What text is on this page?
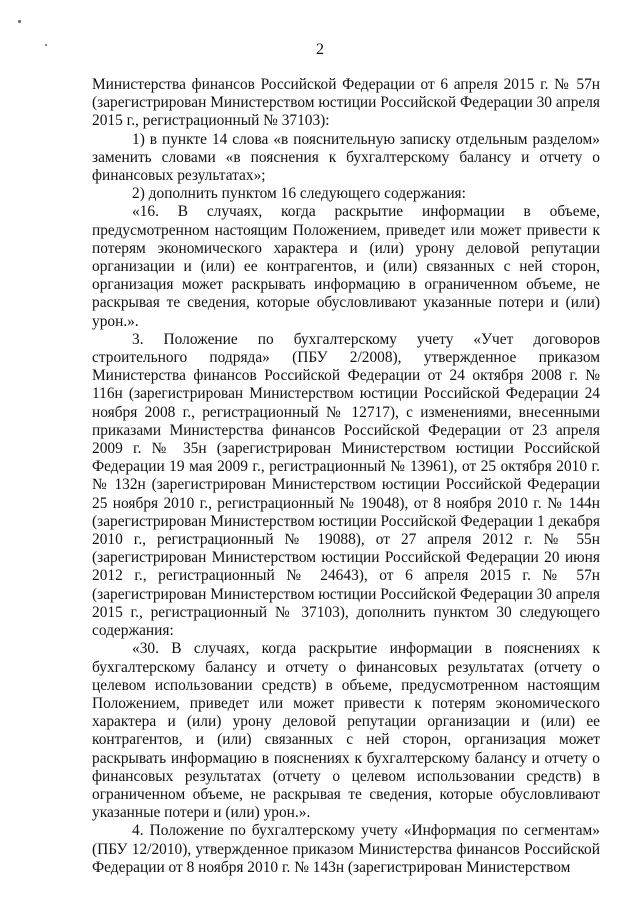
2

Министерства финансов Российской Федерации от 6 апреля 2015 г. № 57н (зарегистрирован Министерством юстиции Российской Федерации 30 апреля 2015 г., регистрационный № 37103):

1) в пункте 14 слова «в пояснительную записку отдельным разделом» заменить словами «в пояснения к бухгалтерскому балансу и отчету о финансовых результатах»;

2) дополнить пунктом 16 следующего содержания:

«16. В случаях, когда раскрытие информации в объеме, предусмотренном настоящим Положением, приведет или может привести к потерям экономического характера и (или) урону деловой репутации организации и (или) ее контрагентов, и (или) связанных с ней сторон, организация может раскрывать информацию в ограниченном объеме, не раскрывая те сведения, которые обусловливают указанные потери и (или) урон.».

3. Положение по бухгалтерскому учету «Учет договоров строительного подряда» (ПБУ 2/2008), утвержденное приказом Министерства финансов Российской Федерации от 24 октября 2008 г. № 116н (зарегистрирован Министерством юстиции Российской Федерации 24 ноября 2008 г., регистрационный № 12717), с изменениями, внесенными приказами Министерства финансов Российской Федерации от 23 апреля 2009 г. № 35н (зарегистрирован Министерством юстиции Российской Федерации 19 мая 2009 г., регистрационный № 13961), от 25 октября 2010 г. № 132н (зарегистрирован Министерством юстиции Российской Федерации 25 ноября 2010 г., регистрационный № 19048), от 8 ноября 2010 г. № 144н (зарегистрирован Министерством юстиции Российской Федерации 1 декабря 2010 г., регистрационный № 19088), от 27 апреля 2012 г. № 55н (зарегистрирован Министерством юстиции Российской Федерации 20 июня 2012 г., регистрационный № 24643), от 6 апреля 2015 г. № 57н (зарегистрирован Министерством юстиции Российской Федерации 30 апреля 2015 г., регистрационный № 37103), дополнить пунктом 30 следующего содержания:

«30. В случаях, когда раскрытие информации в пояснениях к бухгалтерскому балансу и отчету о финансовых результатах (отчету о целевом использовании средств) в объеме, предусмотренном настоящим Положением, приведет или может привести к потерям экономического характера и (или) урону деловой репутации организации и (или) ее контрагентов, и (или) связанных с ней сторон, организация может раскрывать информацию в пояснениях к бухгалтерскому балансу и отчету о финансовых результатах (отчету о целевом использовании средств) в ограниченном объеме, не раскрывая те сведения, которые обусловливают указанные потери и (или) урон.».

4. Положение по бухгалтерскому учету «Информация по сегментам» (ПБУ 12/2010), утвержденное приказом Министерства финансов Российской Федерации от 8 ноября 2010 г. № 143н (зарегистрирован Министерством
